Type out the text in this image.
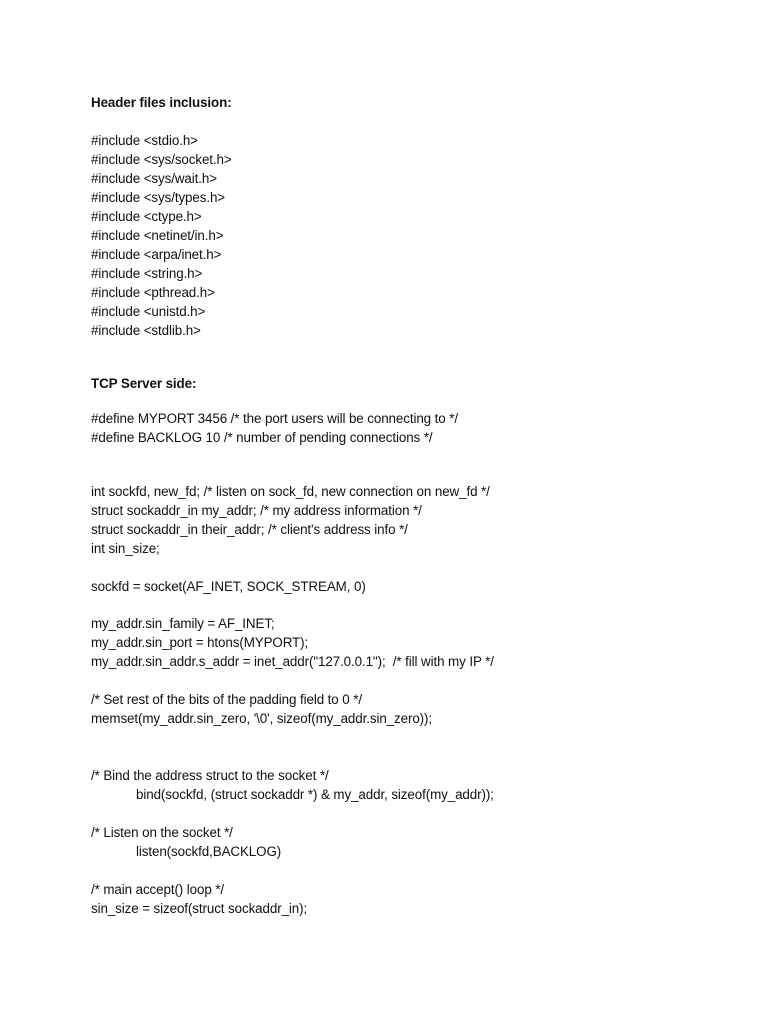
Header files inclusion:
#include <stdio.h>
#include <sys/socket.h>
#include <sys/wait.h>
#include <sys/types.h>
#include <ctype.h>
#include <netinet/in.h>
#include <arpa/inet.h>
#include <string.h>
#include <pthread.h>
#include <unistd.h>
#include <stdlib.h>
TCP Server side:
#define MYPORT 3456 /* the port users will be connecting to */
#define BACKLOG 10 /* number of pending connections */
int sockfd, new_fd; /* listen on sock_fd, new connection on new_fd */
struct sockaddr_in my_addr; /* my address information */
struct sockaddr_in their_addr; /* client's address info */
int sin_size;
sockfd = socket(AF_INET, SOCK_STREAM, 0)
my_addr.sin_family = AF_INET;
my_addr.sin_port = htons(MYPORT);
my_addr.sin_addr.s_addr = inet_addr("127.0.0.1");  /* fill with my IP */
/* Set rest of the bits of the padding field to 0 */
memset(my_addr.sin_zero, '\0', sizeof(my_addr.sin_zero));
/* Bind the address struct to the socket */
bind(sockfd, (struct sockaddr *) & my_addr, sizeof(my_addr));
/* Listen on the socket */
listen(sockfd,BACKLOG)
/* main accept() loop */
sin_size = sizeof(struct sockaddr_in);
